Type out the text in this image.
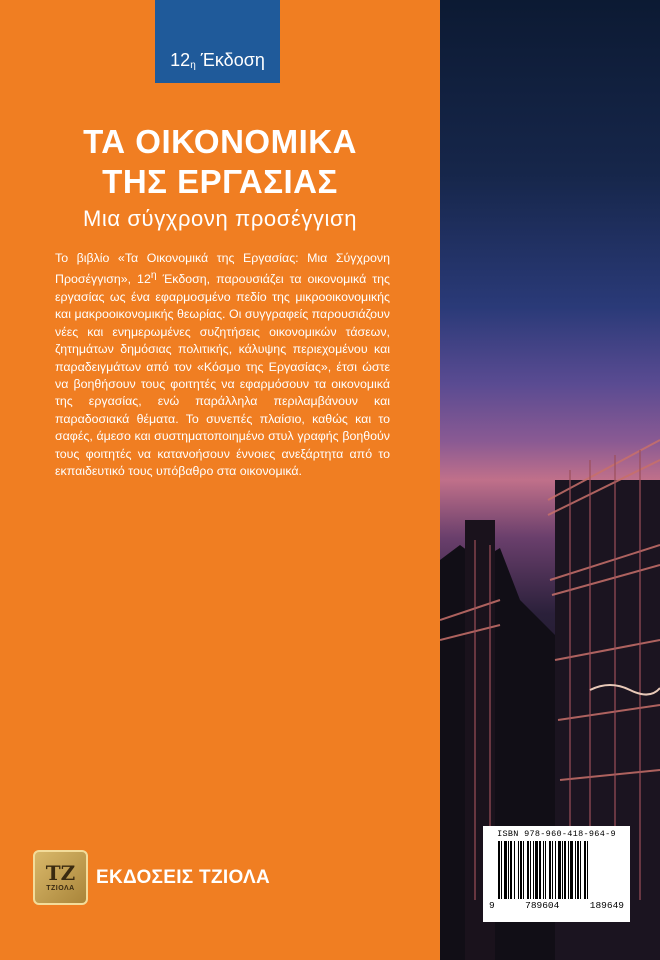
$12_\eta$
Έκδοση
ΤΑ ΟΙΚΟΝΟΜΙΚΑ
ΤΗΣ ΕΡΓΑΣΙΑΣ
Μια σύγχρονη προσέγγιση

Το βιβλίο «Τα Οικονομικά της Εργασίας: Μια Σύγχρονη Προσέγγιση», $12^\eta$ Έκδοση, παρουσιάζει τα οικονομικά της εργασίας ως ένα εφαρμοσμένο πεδίο της μικροοικονομικής και μακροοικονομικής θεωρίας. Οι συγγραφείς παρουσιάζουν νέες και ενημερωμένες συζητήσεις οικονομικών τάσεων, ζητημάτων δημόσιας πολιτικής, κάλυψης περιεχομένου και παραδειγμάτων από τον «Κόσμο της Εργασίας», έτσι ώστε να βοηθήσουν τους φοιτητές να εφαρμόσουν τα οικονομικά της εργασίας, ενώ παράλληλα περιλαμβάνουν και παραδοσιακά θέματα. Το συνεπές πλαίσιο, καθώς και το σαφές, άμεσο και συστηματοποιημένο στυλ γραφής βοηθούν τους φοιτητές να κατανοήσουν έννοιες ανεξάρτητα από το εκπαιδευτικό τους υπόβαθρο στα οικονομικά.

ΤΖ
ΤΖΙΟΛΑ
ΕΚΔΟΣΕΙΣ ΤΖΙΟΛΑ
ISBN 978-960-418-964-9
9	789604	189649
